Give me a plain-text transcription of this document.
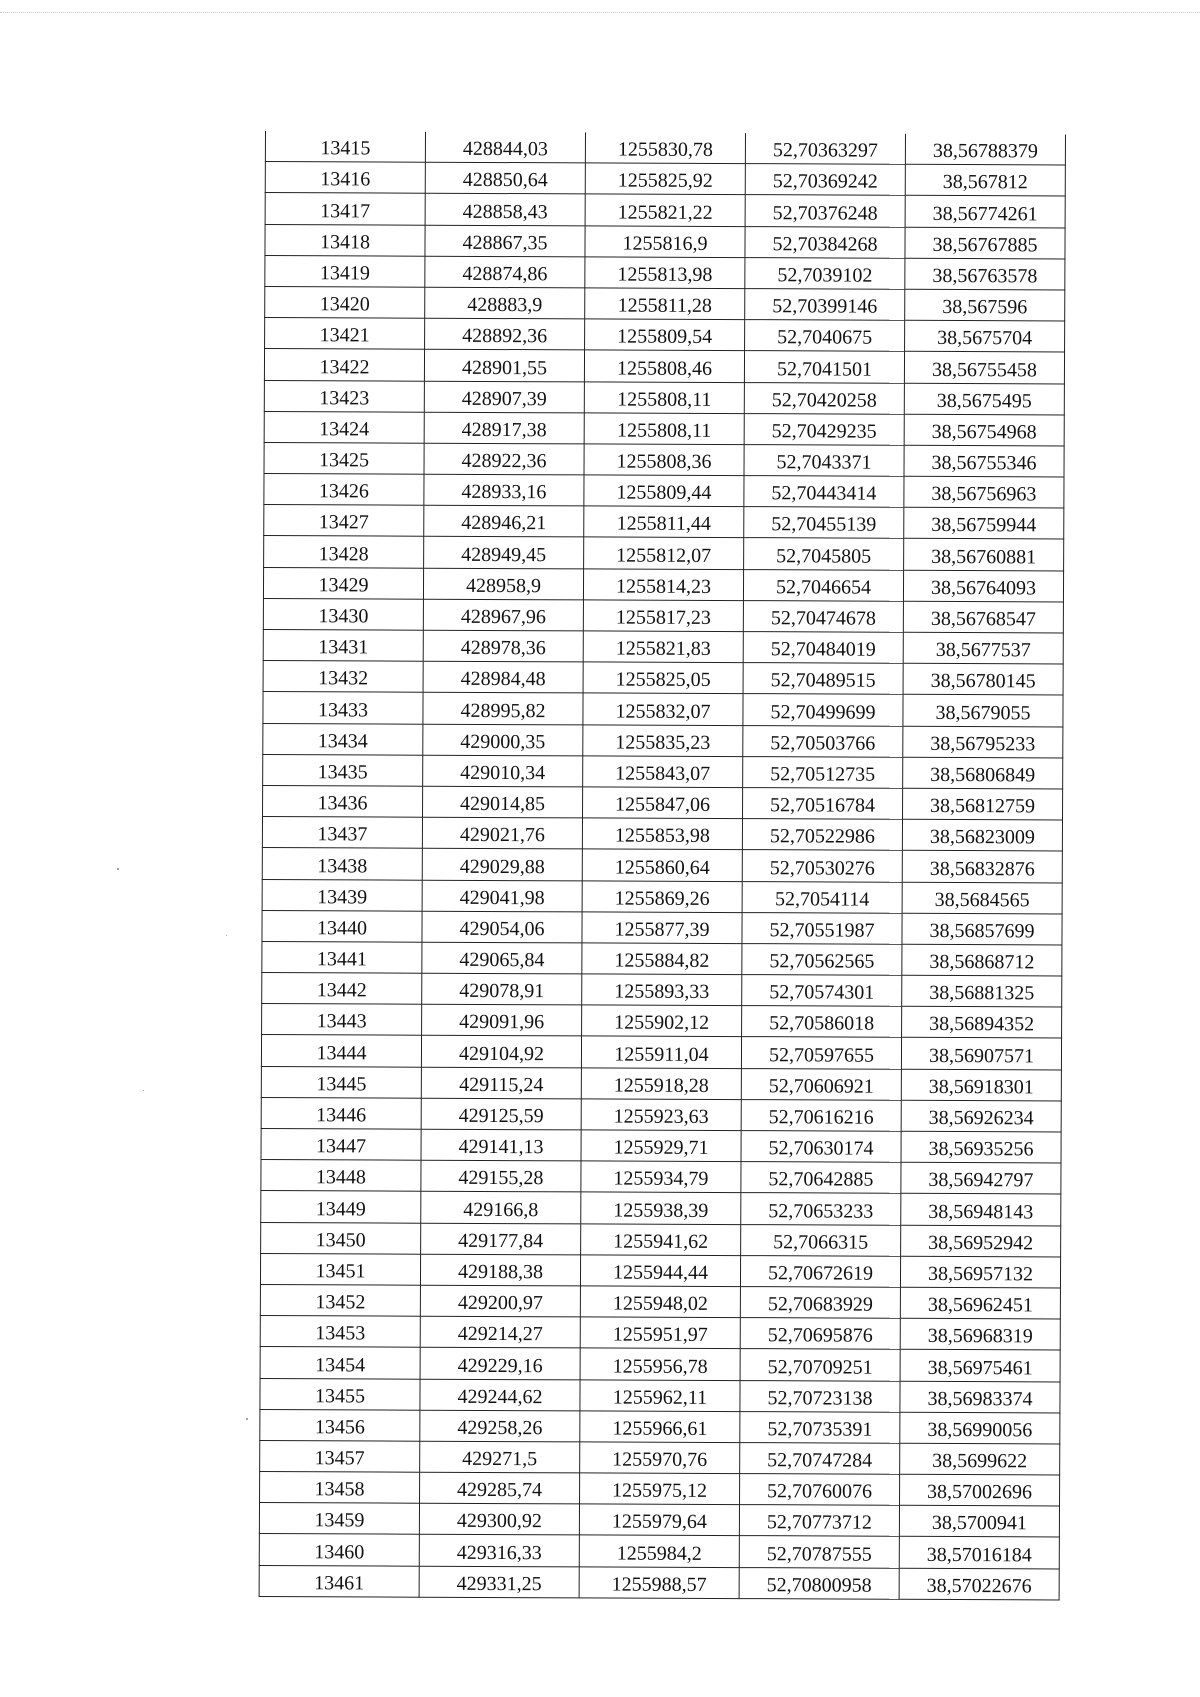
13415	428844,03	1255830,78	52,70363297	38,56788379
13416	428850,64	1255825,92	52,70369242	38,567812
13417	428858,43	1255821,22	52,70376248	38,56774261
13418	428867,35	1255816,9	52,70384268	38,56767885
13419	428874,86	1255813,98	52,7039102	38,56763578
13420	428883,9	1255811,28	52,70399146	38,567596
13421	428892,36	1255809,54	52,7040675	38,5675704
13422	428901,55	1255808,46	52,7041501	38,56755458
13423	428907,39	1255808,11	52,70420258	38,5675495
13424	428917,38	1255808,11	52,70429235	38,56754968
13425	428922,36	1255808,36	52,7043371	38,56755346
13426	428933,16	1255809,44	52,70443414	38,56756963
13427	428946,21	1255811,44	52,70455139	38,56759944
13428	428949,45	1255812,07	52,7045805	38,56760881
13429	428958,9	1255814,23	52,7046654	38,56764093
13430	428967,96	1255817,23	52,70474678	38,56768547
13431	428978,36	1255821,83	52,70484019	38,5677537
13432	428984,48	1255825,05	52,70489515	38,56780145
13433	428995,82	1255832,07	52,70499699	38,5679055
13434	429000,35	1255835,23	52,70503766	38,56795233
13435	429010,34	1255843,07	52,70512735	38,56806849
13436	429014,85	1255847,06	52,70516784	38,56812759
13437	429021,76	1255853,98	52,70522986	38,56823009
13438	429029,88	1255860,64	52,70530276	38,56832876
13439	429041,98	1255869,26	52,7054114	38,5684565
13440	429054,06	1255877,39	52,70551987	38,56857699
13441	429065,84	1255884,82	52,70562565	38,56868712
13442	429078,91	1255893,33	52,70574301	38,56881325
13443	429091,96	1255902,12	52,70586018	38,56894352
13444	429104,92	1255911,04	52,70597655	38,56907571
13445	429115,24	1255918,28	52,70606921	38,56918301
13446	429125,59	1255923,63	52,70616216	38,56926234
13447	429141,13	1255929,71	52,70630174	38,56935256
13448	429155,28	1255934,79	52,70642885	38,56942797
13449	429166,8	1255938,39	52,70653233	38,56948143
13450	429177,84	1255941,62	52,7066315	38,56952942
13451	429188,38	1255944,44	52,70672619	38,56957132
13452	429200,97	1255948,02	52,70683929	38,56962451
13453	429214,27	1255951,97	52,70695876	38,56968319
13454	429229,16	1255956,78	52,70709251	38,56975461
13455	429244,62	1255962,11	52,70723138	38,56983374
13456	429258,26	1255966,61	52,70735391	38,56990056
13457	429271,5	1255970,76	52,70747284	38,5699622
13458	429285,74	1255975,12	52,70760076	38,57002696
13459	429300,92	1255979,64	52,70773712	38,5700941
13460	429316,33	1255984,2	52,70787555	38,57016184
13461	429331,25	1255988,57	52,70800958	38,57022676
